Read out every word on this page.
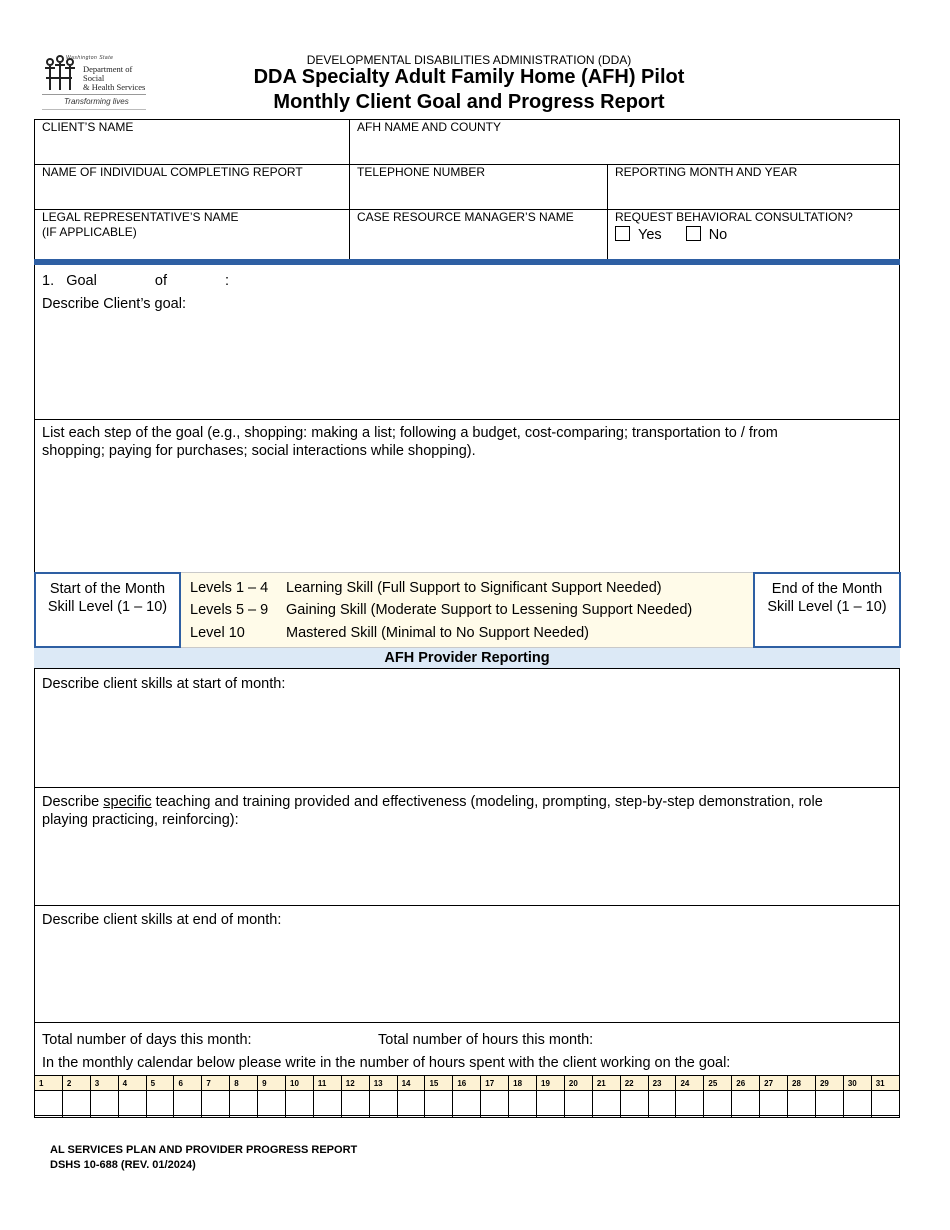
Washington State
Department of Social
& Health Services
Transforming lives
DEVELOPMENTAL DISABILITIES ADMINISTRATION (DDA)
DDA Specialty Adult Family Home (AFH) Pilot
Monthly Client Goal and Progress Report
CLIENT’S NAME	AFH NAME AND COUNTY
NAME OF INDIVIDUAL COMPLETING REPORT	TELEPHONE NUMBER	REPORTING MONTH AND YEAR
LEGAL REPRESENTATIVE’S NAME
(IF APPLICABLE)
CASE RESOURCE MANAGER’S NAME	REQUEST BEHAVIORAL CONSULTATION?
Yes	No
1. Goal	of	:
Describe Client’s goal:
List each step of the goal (e.g., shopping: making a list; following a budget, cost-comparing; transportation to / from
shopping; paying for purchases; social interactions while shopping).
Start of the Month
Skill Level (1 – 10)
Levels 1 – 4 Learning Skill (Full Support to Significant Support Needed)
Levels 5 – 9 Gaining Skill (Moderate Support to Lessening Support Needed)
Level 10	Mastered Skill (Minimal to No Support Needed)
End of the Month
Skill Level (1 – 10)
AFH Provider Reporting
Describe client skills at start of month:
Describe specific teaching and training provided and effectiveness (modeling, prompting, step-by-step demonstration, role
playing practicing, reinforcing):
Describe client skills at end of month:
Total number of days this month:	Total number of hours this month:
In the monthly calendar below please write in the number of hours spent with the client working on the goal:
1	2	3	4	5	6	7	8	9	10	11	12	13	14	15	16	17	18	19	20	21	22	23	24	25	26	27	28	29	30	31

AL SERVICES PLAN AND PROVIDER PROGRESS REPORT
DSHS 10-688 (REV. 01/2024)
